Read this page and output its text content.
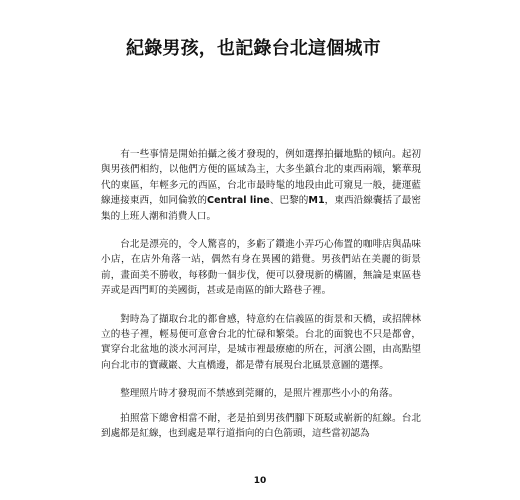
紀錄男孩，也記錄台北這個城市

有一些事情是開始拍攝之後才發現的，例如選擇拍攝地點的傾向。起初與男孩們相約，以他們方便的區域為主，大多坐鎮台北的東西兩端，繁華現代的東區，年輕多元的西區，台北市最時髦的地段由此可窺見一般，捷運藍線連接東西，如同倫敦的Central line、巴黎的M1，東西沿線囊括了最密集的上班人潮和消費人口。

台北是漂亮的，令人驚喜的，多虧了鑽進小弄巧心佈置的咖啡店與晶味小店，在店外角落一站，偶然有身在異國的錯覺。男孩們站在美麗的街景前，畫面美不勝收，每移動一個步伐，便可以發現新的構圖，無論是東區巷弄或是西門町的美國街，甚或是南區的師大路巷子裡。

對時為了擷取台北的都會感，特意約在信義區的街景和天橋，或招牌林立的巷子裡，輕易便可意會台北的忙碌和繁榮。台北的面貌也不只是都會，實穿台北盆地的淡水河河岸，是城市裡最療癒的所在，河濱公園，由高點望向台北市的寶藏巖、大直橋邊，都是帶有展現台北風景意圖的選擇。

整理照片時才發現而不禁感到莞爾的，是照片裡那些小小的角落。

拍照當下總會相當不耐，老是拍到男孩們腳下斑駁或嶄新的紅線。台北到處都是紅線，也到處是單行道指向的白色箭頭，這些當初認為

10
